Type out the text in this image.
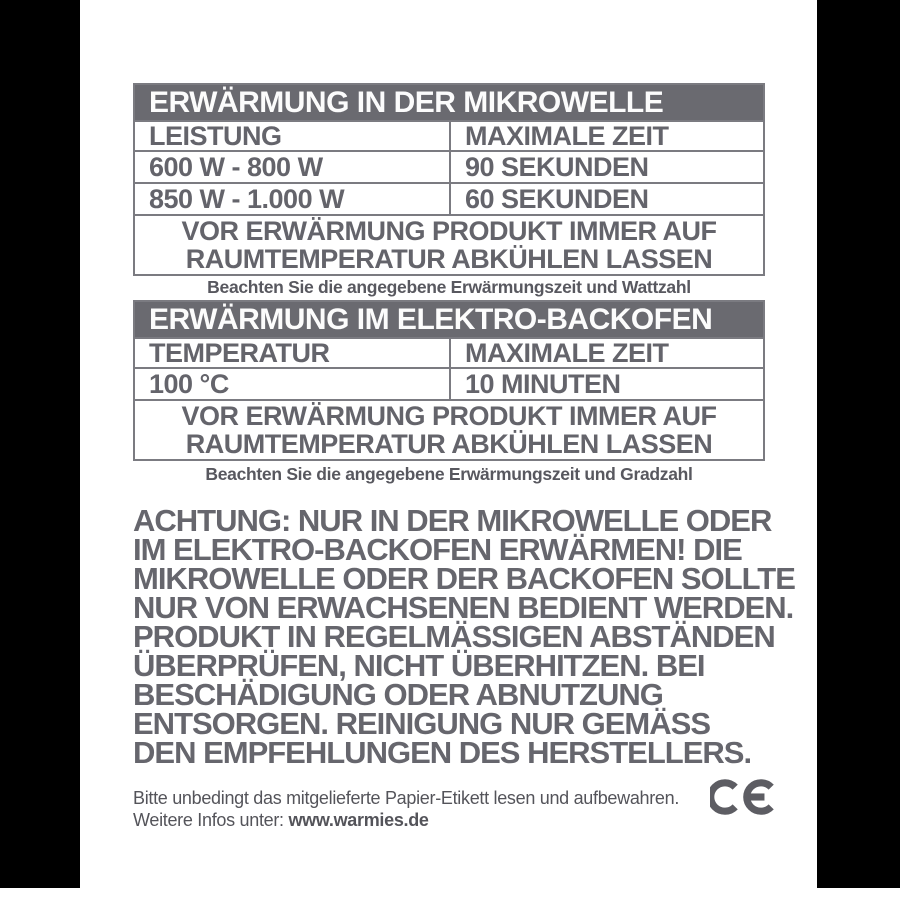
ERWÄRMUNG IN DER MIKROWELLE
LEISTUNG	MAXIMALE ZEIT
600 W - 800 W	90 SEKUNDEN
850 W - 1.000 W	60 SEKUNDEN
VOR ERWÄRMUNG PRODUKT IMMER AUF
RAUMTEMPERATUR ABKÜHLEN LASSEN
Beachten Sie die angegebene Erwärmungszeit und Wattzahl
ERWÄRMUNG IM ELEKTRO-BACKOFEN
TEMPERATUR	MAXIMALE ZEIT
100 °C	10 MINUTEN
VOR ERWÄRMUNG PRODUKT IMMER AUF
RAUMTEMPERATUR ABKÜHLEN LASSEN
Beachten Sie die angegebene Erwärmungszeit und Gradzahl
ACHTUNG: NUR IN DER MIKROWELLE ODER
IM ELEKTRO-BACKOFEN ERWÄRMEN! DIE
MIKROWELLE ODER DER BACKOFEN SOLLTE
NUR VON ERWACHSENEN BEDIENT WERDEN.
PRODUKT IN REGELMÄSSIGEN ABSTÄNDEN
ÜBERPRÜFEN, NICHT ÜBERHITZEN. BEI
BESCHÄDIGUNG ODER ABNUTZUNG
ENTSORGEN. REINIGUNG NUR GEMÄSS
DEN EMPFEHLUNGEN DES HERSTELLERS.
Bitte unbedingt das mitgelieferte Papier-Etikett lesen und aufbewahren.
Weitere Infos unter: www.warmies.de
